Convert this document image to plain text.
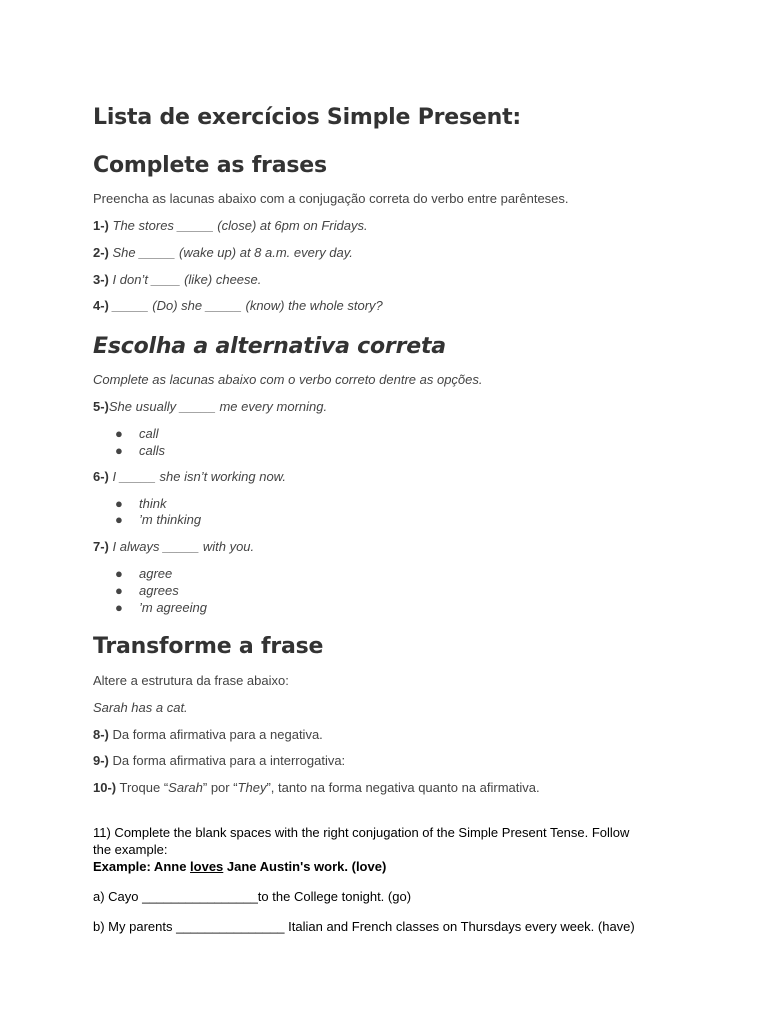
Lista de exercícios Simple Present:
Complete as frases
Preencha as lacunas abaixo com a conjugação correta do verbo entre parênteses.
1-) The stores _____ (close) at 6pm on Fridays.
2-) She _____ (wake up) at 8 a.m. every day.
3-) I don’t ____ (like) cheese.
4-) _____ (Do) she _____ (know) the whole story?
Escolha a alternativa correta
Complete as lacunas abaixo com o verbo correto dentre as opções.
5-)She usually _____ me every morning.
● call
● calls
6-) I _____ she isn’t working now.
● think
● ’m thinking
7-) I always _____ with you.
● agree
● agrees
● ’m agreeing
Transforme a frase
Altere a estrutura da frase abaixo:
Sarah has a cat.
8-) Da forma afirmativa para a negativa.
9-) Da forma afirmativa para a interrogativa:
10-) Troque “Sarah” por “They”, tanto na forma negativa quanto na afirmativa.
11) Complete the blank spaces with the right conjugation of the Simple Present Tense. Follow
the example:
Example: Anne loves Jane Austin's work. (love)
a) Cayo ________________to the College tonight. (go)
b) My parents _______________ Italian and French classes on Thursdays every week. (have)
